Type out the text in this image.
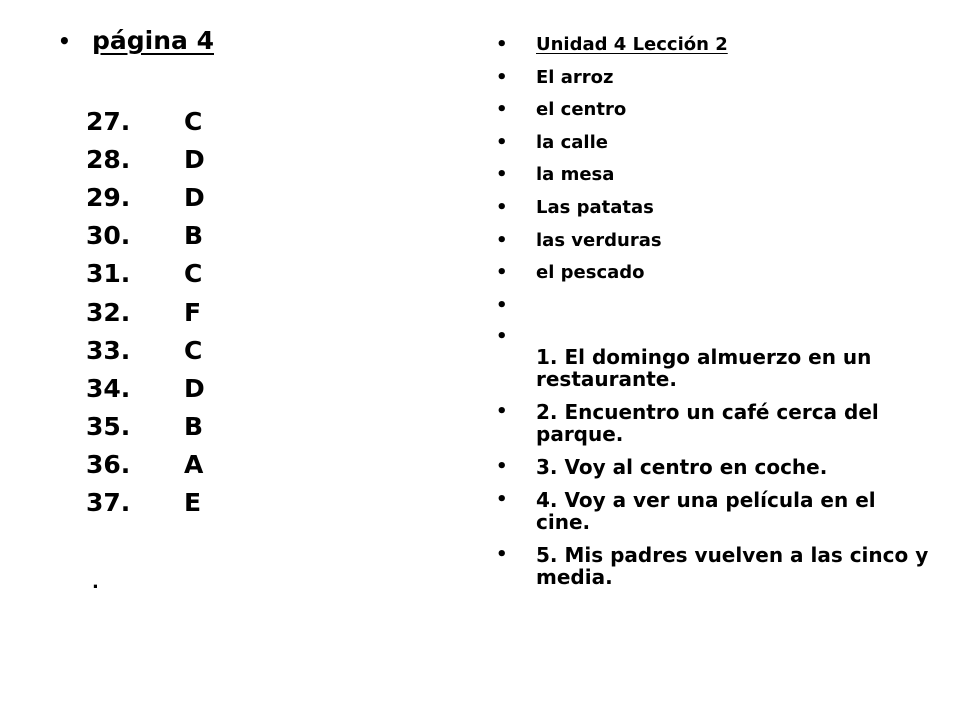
• página 4
27.	C
28.	D
29.	D
30.	B
31.	C
32.	F
33.	C
34.	D
35.	B
36.	A
37.	E
.
•	Unidad 4 Lección 2
•	El arroz
•	el centro
•	la calle
•	la mesa
•	Las patatas
•	las verduras
•	el pescado
•
•
1. El domingo almuerzo en un restaurante.
•	2. Encuentro un café cerca del parque.
•	3. Voy al centro en coche.
•	4. Voy a ver una película en el cine.
•	5. Mis padres vuelven a las cinco y media.
